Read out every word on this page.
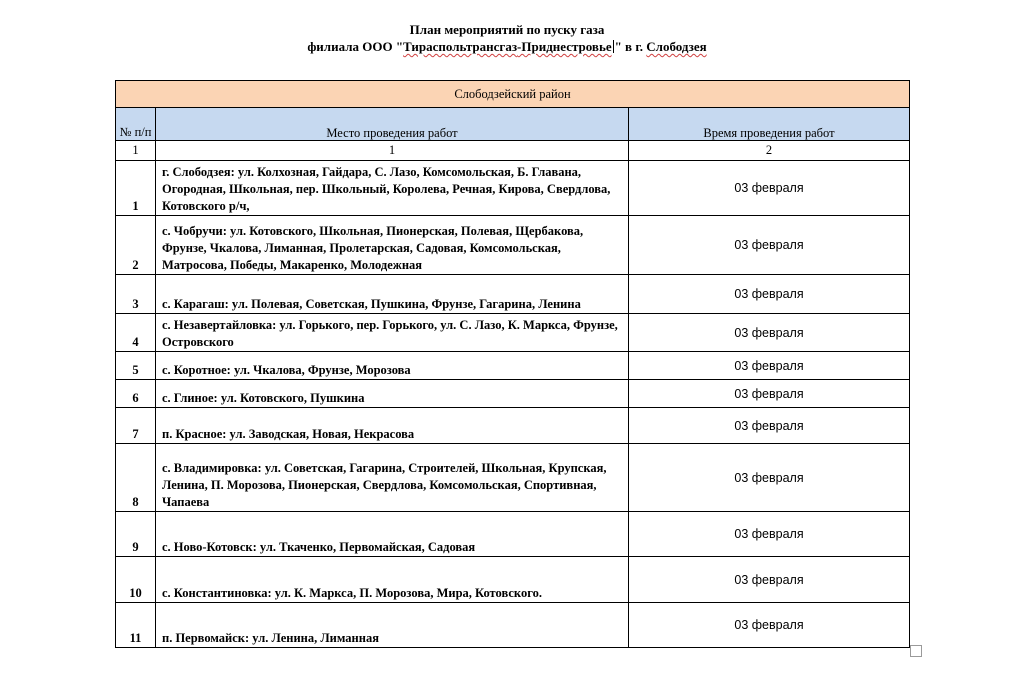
План мероприятий по пуску газа
филиала ООО "Тираспольтрансгаз-Приднестровье " в г. Слободзея
Слободзейский район		
№ п/п	Место проведения работ	Время проведения работ
1	1	2
1	г. Слободзея: ул. Колхозная, Гайдара, С. Лазо, Комсомольская, Б. Главана, Огородная, Школьная, пер. Школьный, Королева, Речная, Кирова, Свердлова, Котовского р/ч,	03 февраля
2	с. Чобручи: ул. Котовского, Школьная, Пионерская, Полевая, Щербакова, Фрунзе, Чкалова, Лиманная, Пролетарская, Садовая, Комсомольская, Матросова, Победы, Макаренко, Молодежная	03 февраля
3	с. Карагаш: ул. Полевая, Советская, Пушкина, Фрунзе, Гагарина, Ленина	03 февраля
4	с. Незавертайловка: ул. Горького, пер. Горького, ул. С. Лазо, К. Маркса, Фрунзе, Островского	03 февраля
5	с. Коротное: ул. Чкалова, Фрунзе, Морозова	03 февраля
6	с. Глиное: ул. Котовского, Пушкина	03 февраля
7	п. Красное: ул. Заводская, Новая, Некрасова	03 февраля
8	с. Владимировка: ул. Советская, Гагарина, Строителей, Школьная, Крупская, Ленина, П. Морозова, Пионерская, Свердлова, Комсомольская, Спортивная, Чапаева	03 февраля
9	с. Ново-Котовск: ул. Ткаченко, Первомайская, Садовая	03 февраля
10	с. Константиновка: ул. К. Маркса, П. Морозова, Мира, Котовского.	03 февраля
11	п. Первомайск: ул. Ленина, Лиманная	03 февраля
